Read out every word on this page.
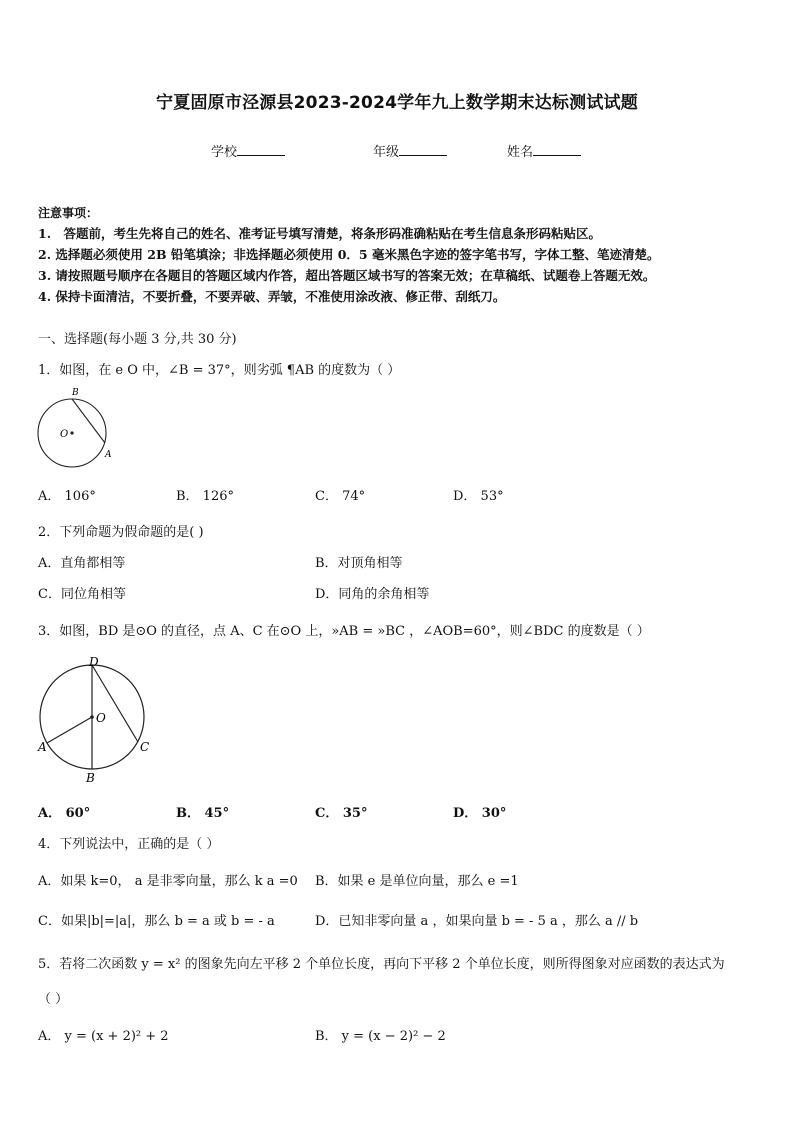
宁夏固原市泾源县2023-2024学年九上数学期末达标测试试题
学校	年级	姓名
注意事项：
1.　答题前，考生先将自己的姓名、准考证号填写清楚，将条形码准确粘贴在考生信息条形码粘贴区。
2. 选择题必须使用 2B 铅笔填涂；非选择题必须使用 0．5 毫米黑色字迹的签字笔书写，字体工整、笔迹清楚。
3. 请按照题号顺序在各题目的答题区域内作答，超出答题区域书写的答案无效；在草稿纸、试题卷上答题无效。
4. 保持卡面清洁，不要折叠，不要弄破、弄皱，不准使用涂改液、修正带、刮纸刀。
一、选择题(每小题 3 分,共 30 分)
1．如图，在 e O 中，∠B = 37°，则劣弧 ¶AB 的度数为（ ）
B
O
A
A． 106°	B． 126°	C． 74°	D． 53°
2．下列命题为假命题的是( )
A．直角都相等	B．对顶角相等
C．同位角相等	D．同角的余角相等
3．如图，BD 是⊙O 的直径，点 A、C 在⊙O 上，»AB = »BC ，∠AOB=60°，则∠BDC 的度数是（ ）
D
O
A	C
B
A． 60°	B． 45°	C． 35°	D． 30°
4．下列说法中，正确的是（ ）
A．如果 k=0， a 是非零向量，那么 k a =0 B．如果 e 是单位向量，那么 e =1
C．如果|b|=|a|，那么 b = a 或 b = - a	D．已知非零向量 a ，如果向量 b = - 5 a ，那么 a // b
5．若将二次函数 y = x² 的图象先向左平移 2 个单位长度，再向下平移 2 个单位长度，则所得图象对应函数的表达式为
（ ）
A． y = (x + 2)² + 2	B． y = (x − 2)² − 2
